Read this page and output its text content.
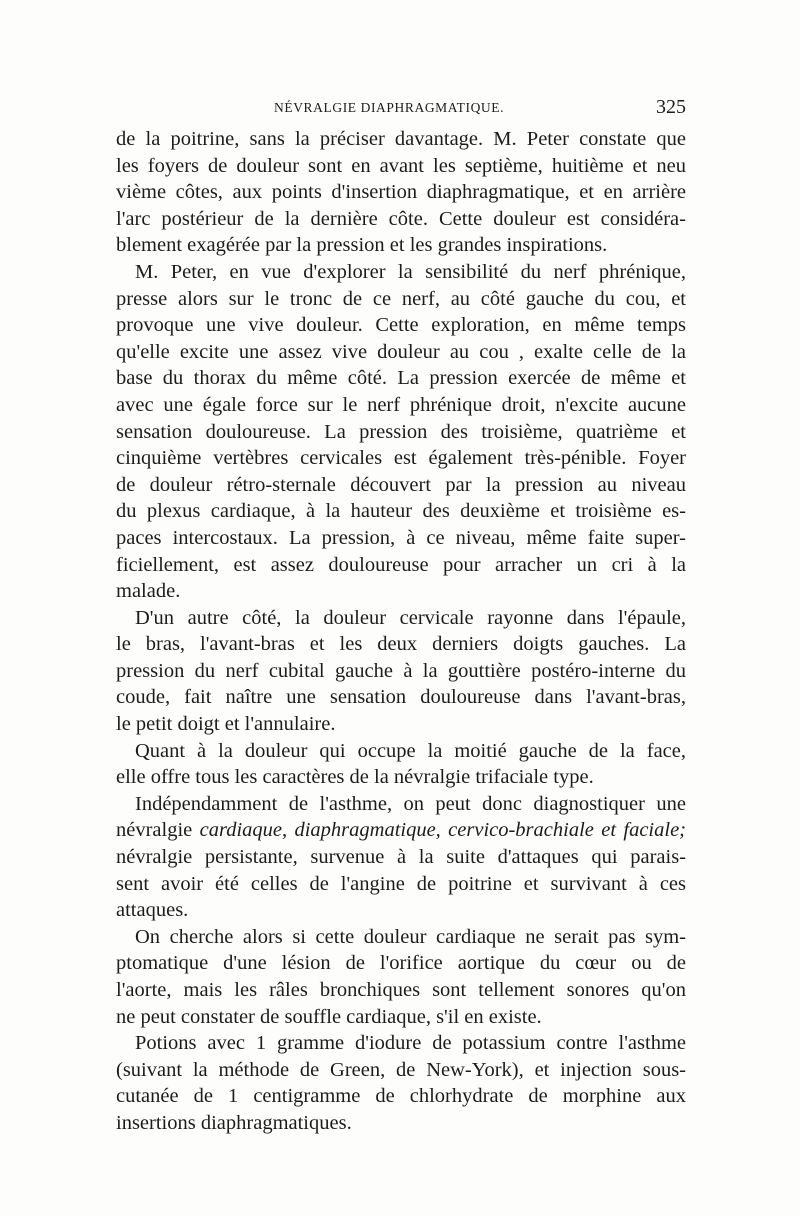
NÉVRALGIE DIAPHRAGMATIQUE.	325
de la poitrine, sans la préciser davantage. M. Peter constate que
les foyers de douleur sont en avant les septième, huitième et neu
vième côtes, aux points d'insertion diaphragmatique, et en arrière
l'arc postérieur de la dernière côte. Cette douleur est considéra-
blement exagérée par la pression et les grandes inspirations.
M. Peter, en vue d'explorer la sensibilité du nerf phrénique,
presse alors sur le tronc de ce nerf, au côté gauche du cou, et
provoque une vive douleur. Cette exploration, en même temps
qu'elle excite une assez vive douleur au cou , exalte celle de la
base du thorax du même côté. La pression exercée de même et
avec une égale force sur le nerf phrénique droit, n'excite aucune
sensation douloureuse. La pression des troisième, quatrième et
cinquième vertèbres cervicales est également très-pénible. Foyer
de douleur rétro-sternale découvert par la pression au niveau
du plexus cardiaque, à la hauteur des deuxième et troisième es-
paces intercostaux. La pression, à ce niveau, même faite super-
ficiellement, est assez douloureuse pour arracher un cri à la
malade.
D'un autre côté, la douleur cervicale rayonne dans l'épaule,
le bras, l'avant-bras et les deux derniers doigts gauches. La
pression du nerf cubital gauche à la gouttière postéro-interne du
coude, fait naître une sensation douloureuse dans l'avant-bras,
le petit doigt et l'annulaire.
Quant à la douleur qui occupe la moitié gauche de la face,
elle offre tous les caractères de la névralgie trifaciale type.
Indépendamment de l'asthme, on peut donc diagnostiquer une
névralgie cardiaque, diaphragmatique, cervico-brachiale et faciale;
névralgie persistante, survenue à la suite d'attaques qui parais-
sent avoir été celles de l'angine de poitrine et survivant à ces
attaques.
On cherche alors si cette douleur cardiaque ne serait pas sym-
ptomatique d'une lésion de l'orifice aortique du cœur ou de
l'aorte, mais les râles bronchiques sont tellement sonores qu'on
ne peut constater de souffle cardiaque, s'il en existe.
Potions avec 1 gramme d'iodure de potassium contre l'asthme
(suivant la méthode de Green, de New-York), et injection sous-
cutanée de 1 centigramme de chlorhydrate de morphine aux
insertions diaphragmatiques.
